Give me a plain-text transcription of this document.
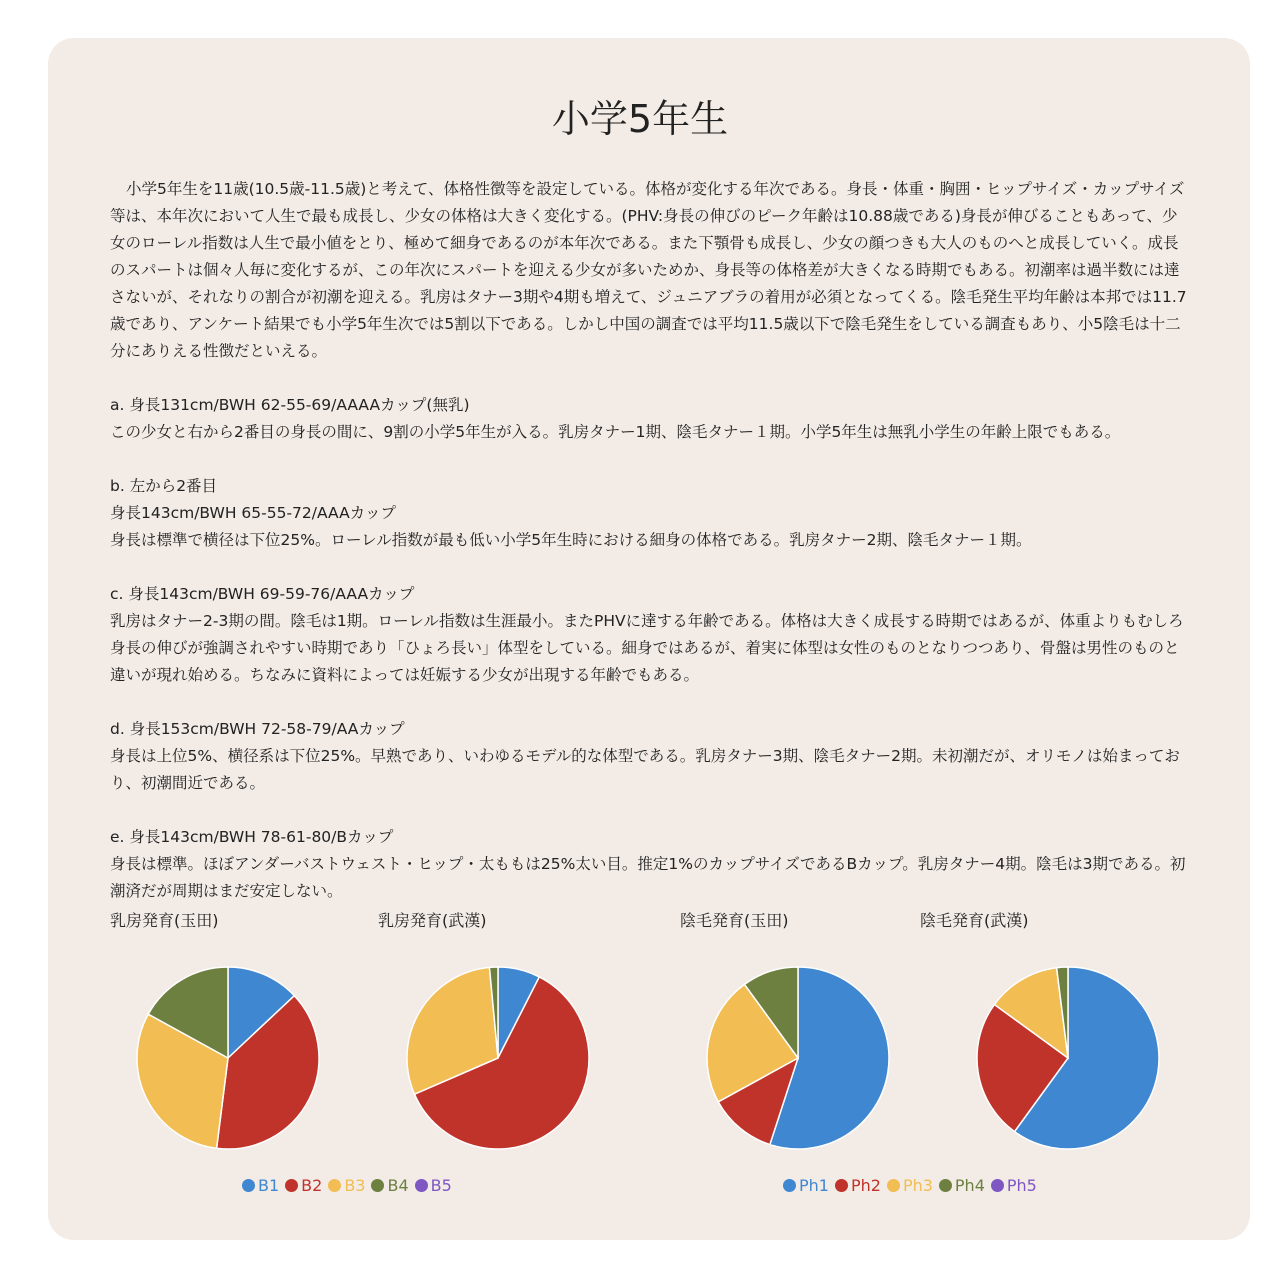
小学5年生

小学5年生を11歳(10.5歳-11.5歳)と考えて、体格性徴等を設定している。体格が変化する年次である。身長・体重・胸囲・ヒップサイズ・カップサイズ等は、本年次において人生で最も成長し、少女の体格は大きく変化する。(PHV:身長の伸びのピーク年齢は10.88歳である)身長が伸びることもあって、少女のローレル指数は人生で最小値をとり、極めて細身であるのが本年次である。また下顎骨も成長し、少女の顔つきも大人のものへと成長していく。成長のスパートは個々人毎に変化するが、この年次にスパートを迎える少女が多いためか、身長等の体格差が大きくなる時期でもある。初潮率は過半数には達さないが、それなりの割合が初潮を迎える。乳房はタナー3期や4期も増えて、ジュニアブラの着用が必須となってくる。陰毛発生平均年齢は本邦では11.7歳であり、アンケート結果でも小学5年生次では5割以下である。しかし中国の調査では平均11.5歳以下で陰毛発生をしている調査もあり、小5陰毛は十二分にありえる性徴だといえる。

a. 身長131cm/BWH 62-55-69/AAAAカップ(無乳)

この少女と右から2番目の身長の間に、9割の小学5年生が入る。乳房タナー1期、陰毛タナー１期。小学5年生は無乳小学生の年齢上限でもある。

b. 左から2番目

身長143cm/BWH 65-55-72/AAAカップ

身長は標準で横径は下位25%。ローレル指数が最も低い小学5年生時における細身の体格である。乳房タナー2期、陰毛タナー１期。

c. 身長143cm/BWH 69-59-76/AAAカップ

乳房はタナー2-3期の間。陰毛は1期。ローレル指数は生涯最小。またPHVに達する年齢である。体格は大きく成長する時期ではあるが、体重よりもむしろ身長の伸びが強調されやすい時期であり「ひょろ長い」体型をしている。細身ではあるが、着実に体型は女性のものとなりつつあり、骨盤は男性のものと違いが現れ始める。ちなみに資料によっては妊娠する少女が出現する年齢でもある。

d. 身長153cm/BWH 72-58-79/AAカップ

身長は上位5%、横径系は下位25%。早熟であり、いわゆるモデル的な体型である。乳房タナー3期、陰毛タナー2期。未初潮だが、オリモノは始まっており、初潮間近である。

e. 身長143cm/BWH 78-61-80/Bカップ

身長は標準。ほぼアンダーバストウェスト・ヒップ・太ももは25%太い目。推定1%のカップサイズであるBカップ。乳房タナー4期。陰毛は3期である。初潮済だが周期はまだ安定しない。

乳房発育(玉田)	乳房発育(武漢)	陰毛発育(玉田)	陰毛発育(武漢)
B1 B2 B3 B4 B5	Ph1 Ph2 Ph3 Ph4 Ph5
